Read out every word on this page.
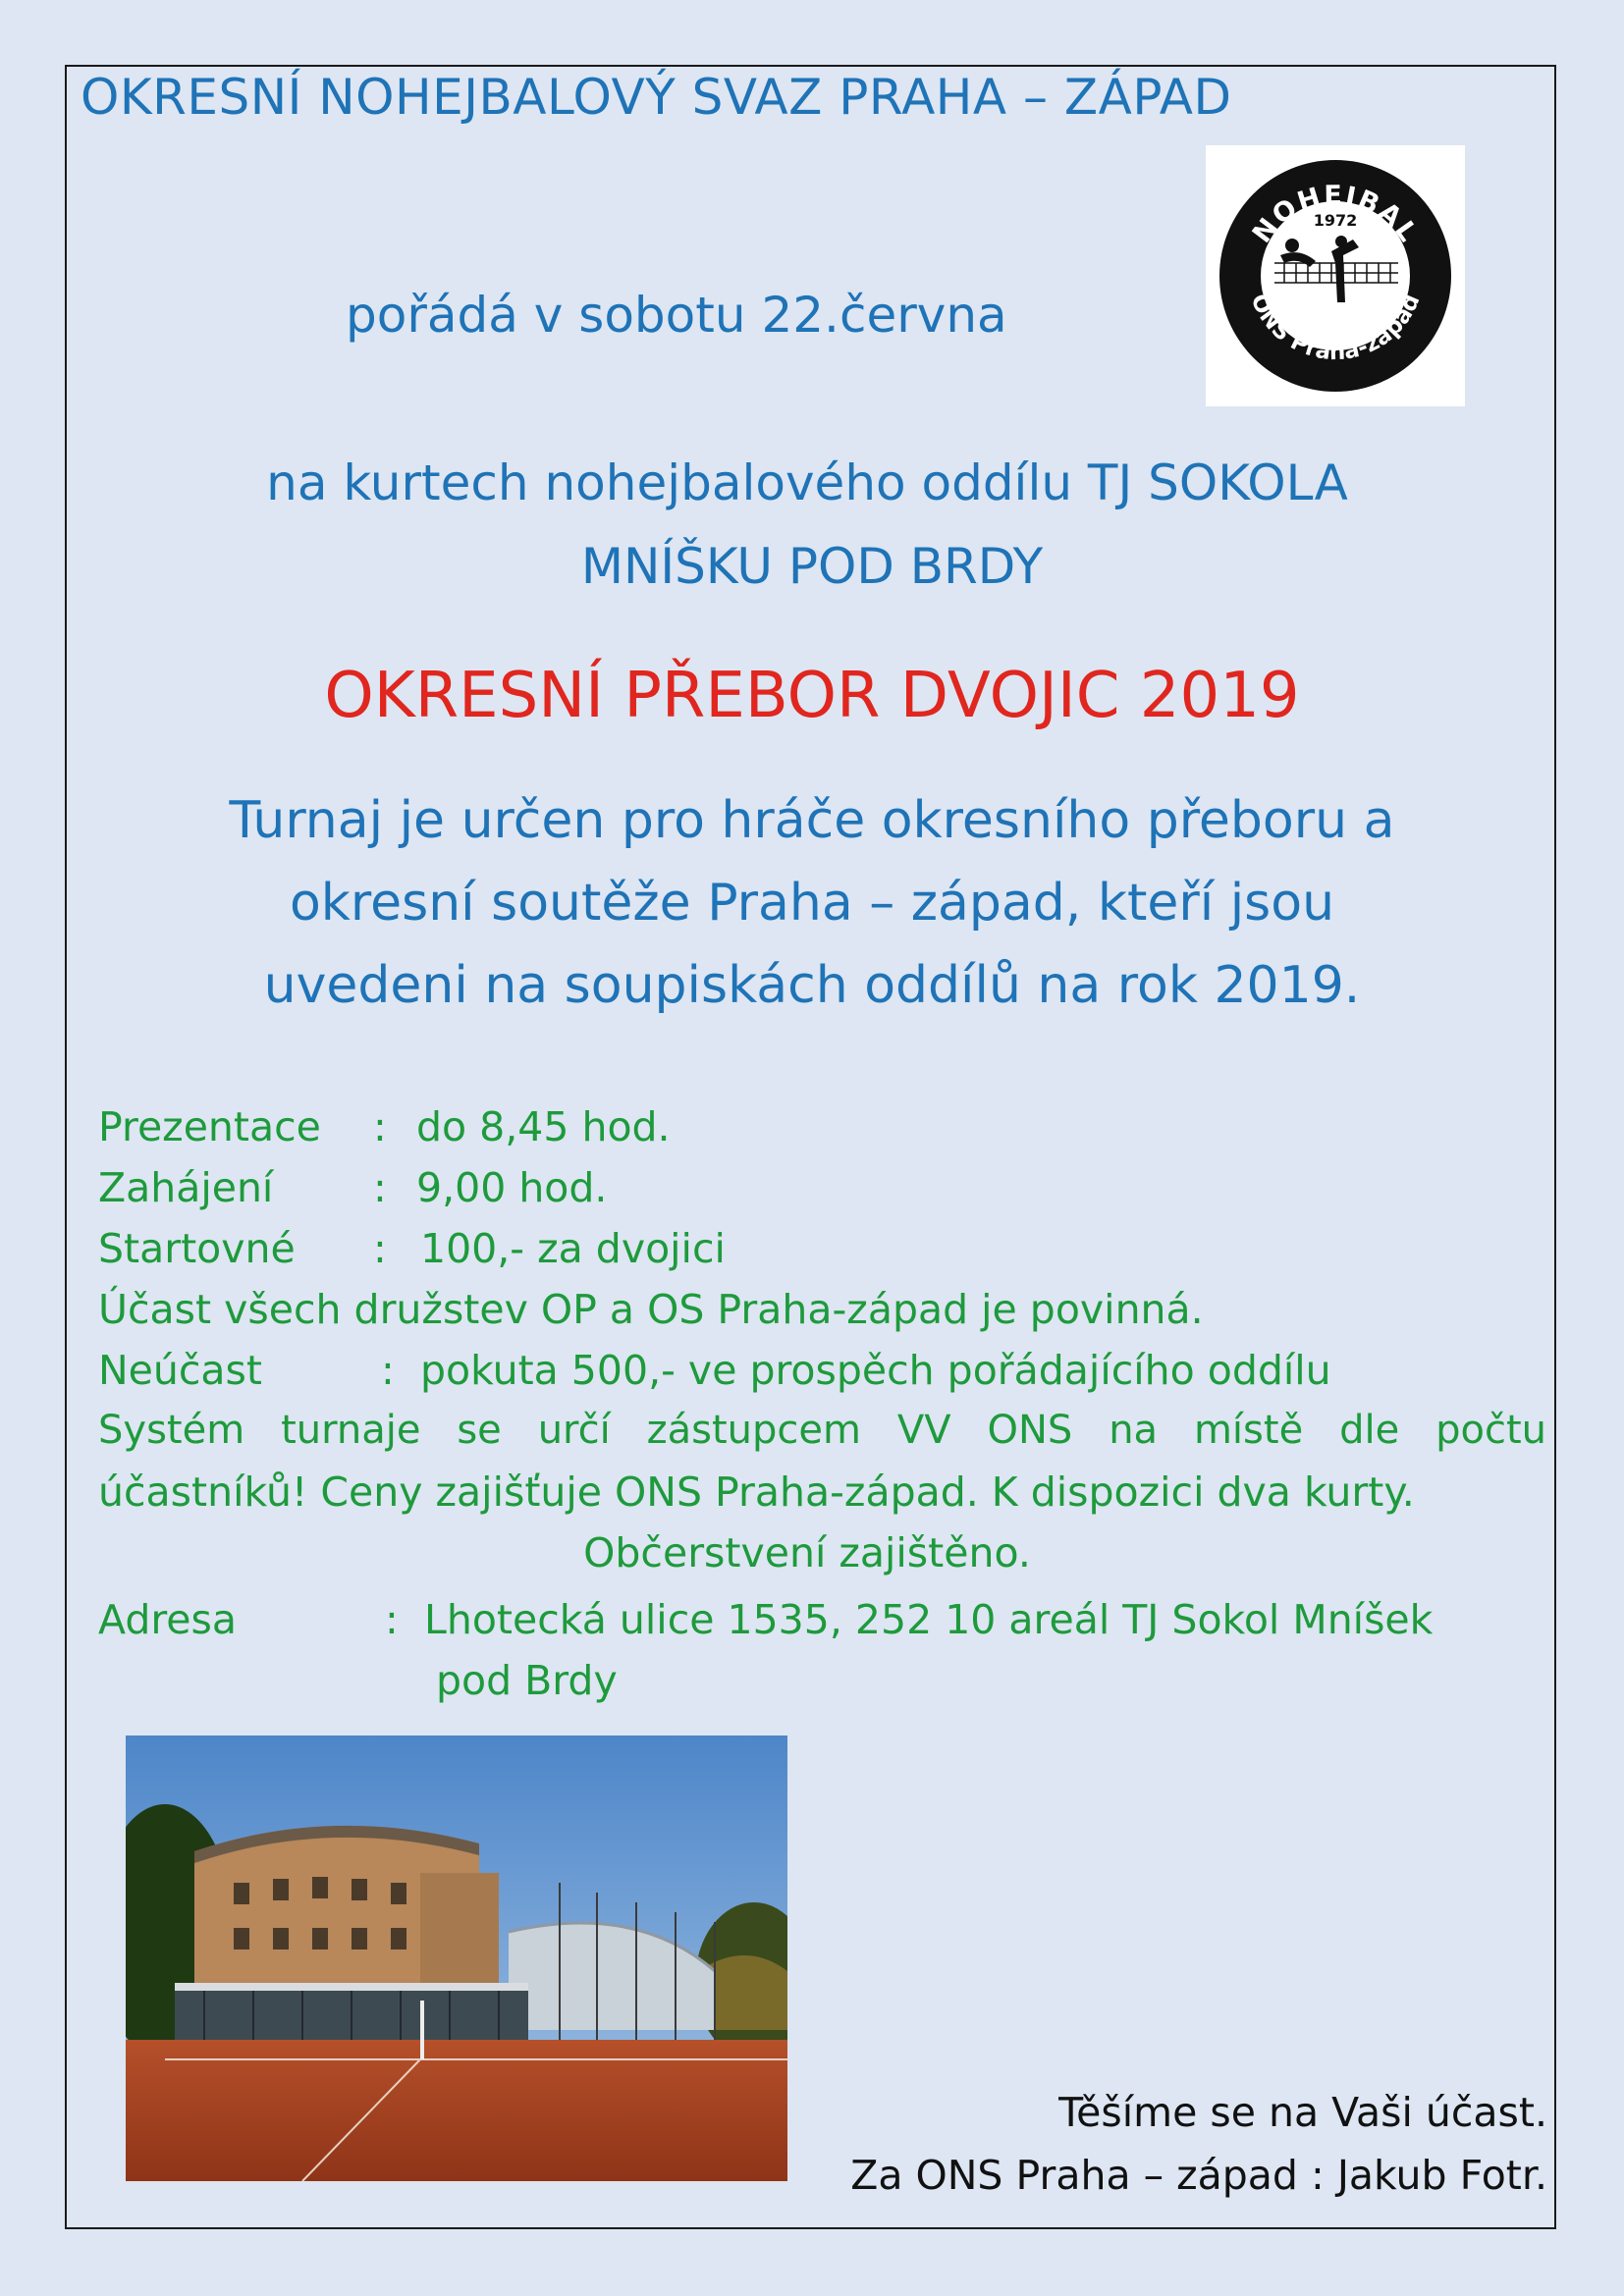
OKRESNÍ NOHEJBALOVÝ SVAZ PRAHA – ZÁPAD
pořádá v sobotu 22.června
na kurtech nohejbalového oddílu TJ SOKOLA
MNÍŠKU POD BRDY
NOHEJBAL
ONS Praha-západ
1972
OKRESNÍ PŘEBOR DVOJIC 2019
Turnaj je určen pro hráče okresního přeboru a
okresní soutěže Praha – západ, kteří jsou
uvedeni na soupiskách oddílů na rok 2019.
Prezentace : do 8,45 hod.
Zahájení : 9,00 hod.
Startovné : 100,- za dvojici
Účast všech družstev OP a OS Praha-západ je povinná.
Neúčast	: pokuta 500,- ve prospěch pořádajícího oddílu
Systém turnaje se určí zástupcem VV ONS na místě dle počtu
účastníků! Ceny zajišťuje ONS Praha-západ. K dispozici dva kurty.
Občerstvení zajištěno.
Adresa	: Lhotecká ulice 1535, 252 10 areál TJ Sokol Mníšek
pod Brdy
Těšíme se na Vaši účast.
Za ONS Praha – západ : Jakub Fotr.
